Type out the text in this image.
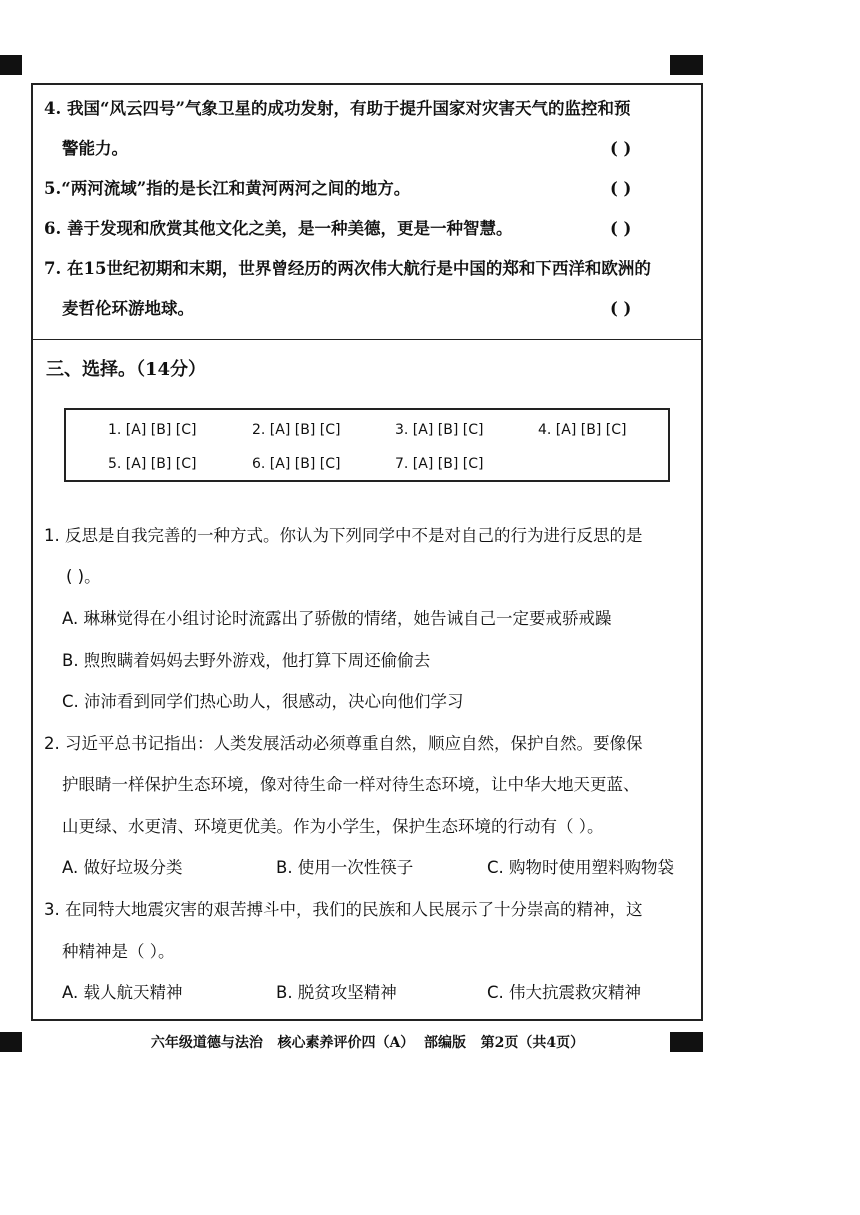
4. 我国“风云四号”气象卫星的成功发射，有助于提升国家对灾害天气的监控和预
警能力。	( )
5.“两河流域”指的是长江和黄河两河之间的地方。	( )
6. 善于发现和欣赏其他文化之美，是一种美德，更是一种智慧。	( )
7. 在15世纪初期和末期，世界曾经历的两次伟大航行是中国的郑和下西洋和欧洲的
麦哲伦环游地球。	( )
三、选择。（14分）
1. [A] [B] [C]	2. [A] [B] [C]	3. [A] [B] [C]	4. [A] [B] [C]
5. [A] [B] [C]	6. [A] [B] [C]	7. [A] [B] [C]
1. 反思是自我完善的一种方式。你认为下列同学中不是对自己的行为进行反思的是
( )。
A. 琳琳觉得在小组讨论时流露出了骄傲的情绪，她告诫自己一定要戒骄戒躁
B. 煦煦瞒着妈妈去野外游戏，他打算下周还偷偷去
C. 沛沛看到同学们热心助人，很感动，决心向他们学习
2. 习近平总书记指出：人类发展活动必须尊重自然，顺应自然，保护自然。要像保
护眼睛一样保护生态环境，像对待生命一样对待生态环境，让中华大地天更蓝、
山更绿、水更清、环境更优美。作为小学生，保护生态环境的行动有（ ）。
A. 做好垃圾分类	B. 使用一次性筷子	C. 购物时使用塑料购物袋
3. 在同特大地震灾害的艰苦搏斗中，我们的民族和人民展示了十分崇高的精神，这
种精神是（ ）。
A. 载人航天精神	B. 脱贫攻坚精神	C. 伟大抗震救灾精神
六年级道德与法治   核心素养评价四（A）  部编版   第2页（共4页）
